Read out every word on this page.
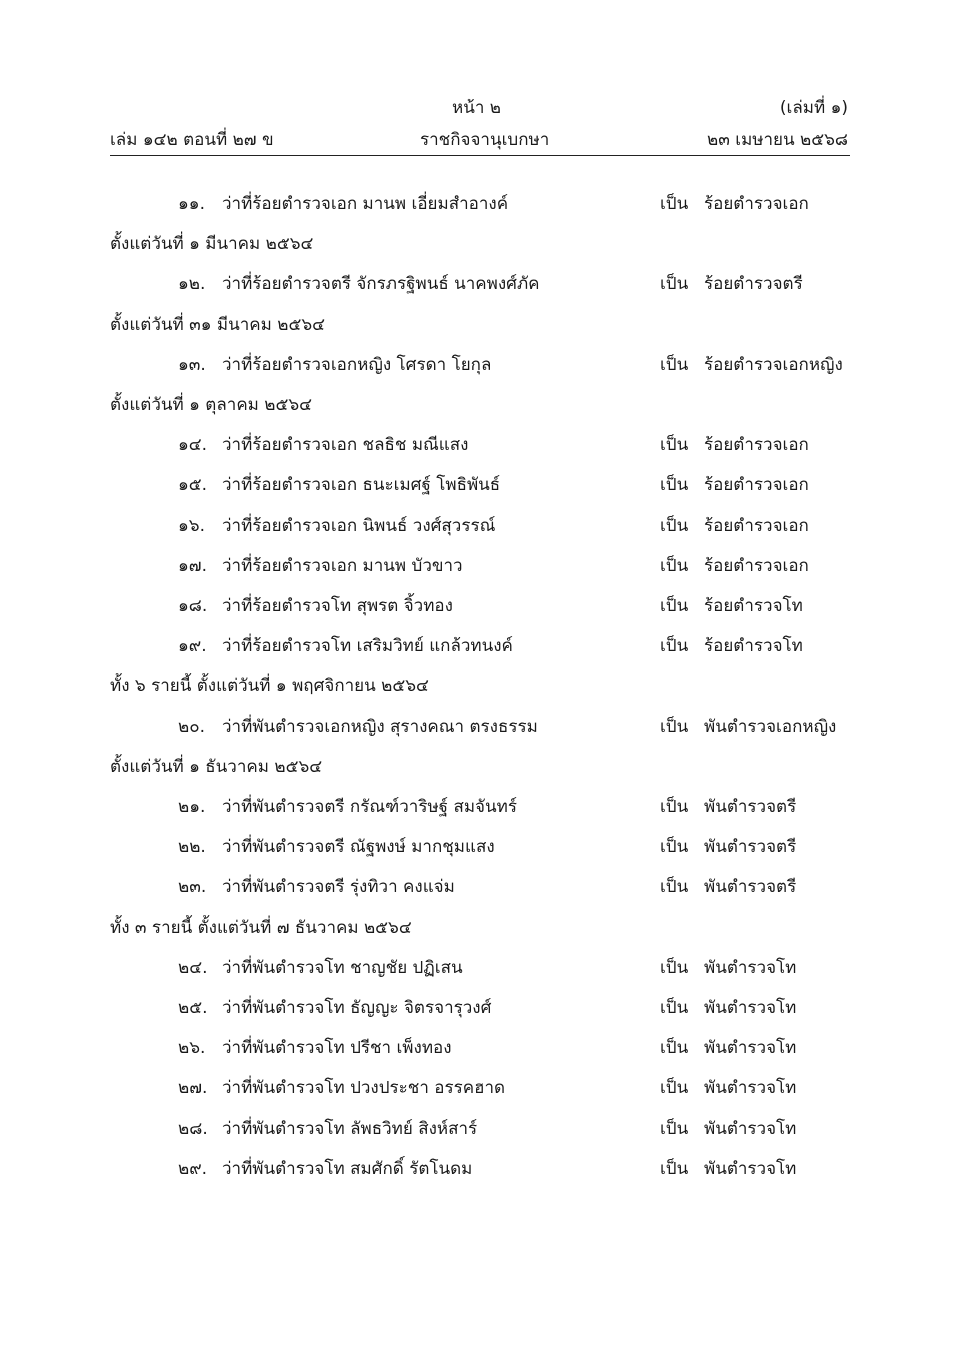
หน้า ๒	(เล่มที่ ๑)
เล่ม ๑๔๒ ตอนที่ ๒๗ ข	ราชกิจจานุเบกษา	๒๓ เมษายน ๒๕๖๘
๑๑. ว่าที่ร้อยตำรวจเอก มานพ เอี่ยมสำอางค์	เป็น ร้อยตำรวจเอก
ตั้งแต่วันที่ ๑ มีนาคม ๒๕๖๔
๑๒. ว่าที่ร้อยตำรวจตรี จักรภรฐิพนธ์ นาคพงศ์ภัค	เป็น ร้อยตำรวจตรี
ตั้งแต่วันที่ ๓๑ มีนาคม ๒๕๖๔
๑๓. ว่าที่ร้อยตำรวจเอกหญิง โศรดา โยกุล	เป็น ร้อยตำรวจเอกหญิง
ตั้งแต่วันที่ ๑ ตุลาคม ๒๕๖๔
๑๔. ว่าที่ร้อยตำรวจเอก ชลธิช มณีแสง	เป็น ร้อยตำรวจเอก
๑๕. ว่าที่ร้อยตำรวจเอก ธนะเมศฐ์ โพธิพันธ์	เป็น ร้อยตำรวจเอก
๑๖. ว่าที่ร้อยตำรวจเอก นิพนธ์ วงศ์สุวรรณ์	เป็น ร้อยตำรวจเอก
๑๗. ว่าที่ร้อยตำรวจเอก มานพ บัวขาว	เป็น ร้อยตำรวจเอก
๑๘. ว่าที่ร้อยตำรวจโท สุพรต จิ้วทอง	เป็น ร้อยตำรวจโท
๑๙. ว่าที่ร้อยตำรวจโท เสริมวิทย์ แกล้วทนงค์	เป็น ร้อยตำรวจโท
ทั้ง ๖ รายนี้ ตั้งแต่วันที่ ๑ พฤศจิกายน ๒๕๖๔
๒๐. ว่าที่พันตำรวจเอกหญิง สุรางคณา ตรงธรรม	เป็น พันตำรวจเอกหญิง
ตั้งแต่วันที่ ๑ ธันวาคม ๒๕๖๔
๒๑. ว่าที่พันตำรวจตรี กรัณฑ์วาริษฐ์ สมจันทร์	เป็น พันตำรวจตรี
๒๒. ว่าที่พันตำรวจตรี ณัฐพงษ์ มากชุมแสง	เป็น พันตำรวจตรี
๒๓. ว่าที่พันตำรวจตรี รุ่งทิวา คงแจ่ม	เป็น พันตำรวจตรี
ทั้ง ๓ รายนี้ ตั้งแต่วันที่ ๗ ธันวาคม ๒๕๖๔
๒๔. ว่าที่พันตำรวจโท ชาญชัย ปฏิเสน	เป็น พันตำรวจโท
๒๕. ว่าที่พันตำรวจโท ธัญญะ จิตรจารุวงศ์	เป็น พันตำรวจโท
๒๖. ว่าที่พันตำรวจโท ปรีชา เพ็งทอง	เป็น พันตำรวจโท
๒๗. ว่าที่พันตำรวจโท ปวงประชา อรรคฮาด	เป็น พันตำรวจโท
๒๘. ว่าที่พันตำรวจโท ลัพธวิทย์ สิงห์สาร์	เป็น พันตำรวจโท
๒๙. ว่าที่พันตำรวจโท สมศักดิ์ รัตโนดม	เป็น พันตำรวจโท
